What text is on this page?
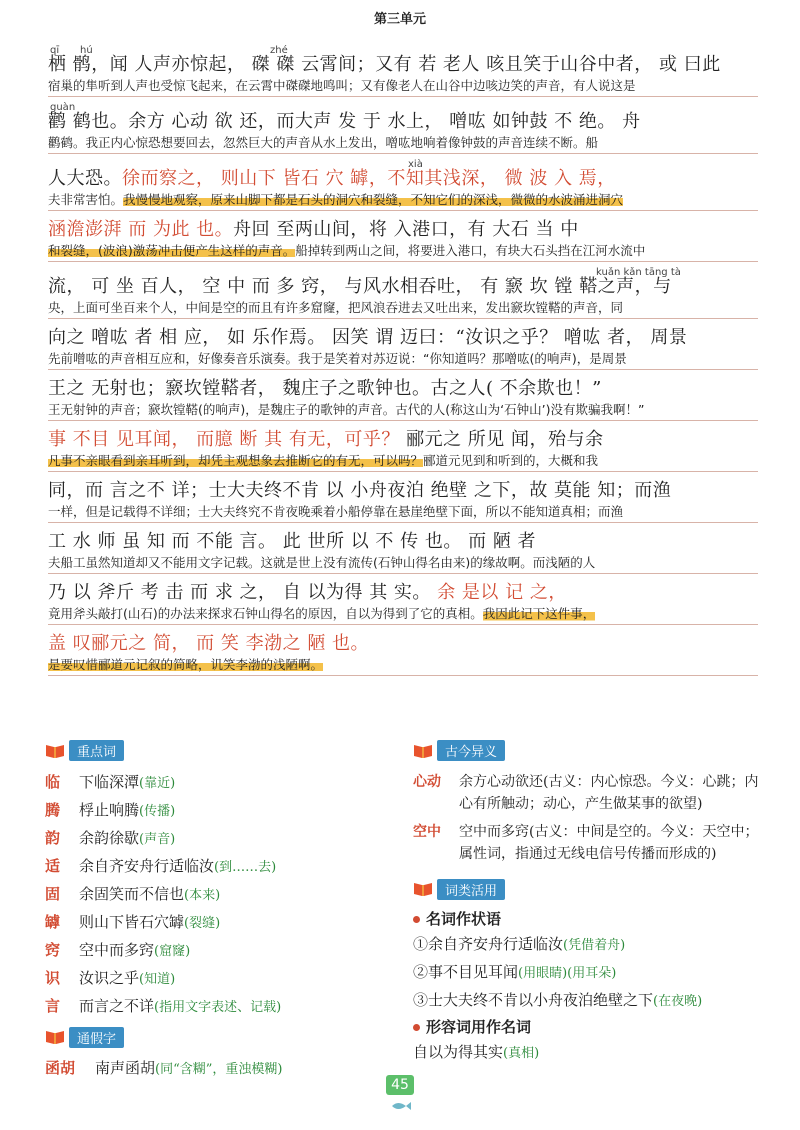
第三单元
qī hú	zhé
栖 鹘，闻 人声亦惊起， 磔 磔 云霄间；又有 若 老人 咳且笑于山谷中者， 或 曰此
宿巢的隼听到人声也受惊飞起来，在云霄中磔磔地鸣叫；又有像老人在山谷中边咳边笑的声音，有人说这是
guàn
鹳 鹤也。余方 心动 欲 还，而大声 发 于 水上， 噌吰 如钟鼓 不 绝。 舟
鹳鹤。我正内心惊恐想要回去，忽然巨大的声音从水上发出，噌吰地响着像钟鼓的声音连续不断。船
xià
人大恐。徐而察之， 则山下 皆石 穴 罅，不知其浅深， 微 波 入 焉，
夫非常害怕。我慢慢地观察，原来山脚下都是石头的洞穴和裂缝，不知它们的深浅，微微的水波涌进洞穴
涵澹澎湃 而 为此 也。舟回 至两山间，将 入港口，有 大石 当 中
和裂缝，(波浪)激荡冲击便产生这样的声音。船掉转到两山之间，将要进入港口，有块大石头挡在江河水流中
kuǎn kǎn tāng tà
流， 可 坐 百人， 空 中 而 多 窍， 与风水相吞吐， 有 窾 坎 镗 鞳之声，与
央，上面可坐百来个人，中间是空的而且有许多窟窿，把风浪吞进去又吐出来，发出窾坎镗鞳的声音，同
向之 噌吰 者 相 应， 如 乐作焉。 因笑 谓 迈曰：“汝识之乎？ 噌吰 者， 周景
先前噌吰的声音相互应和，好像奏音乐演奏。我于是笑着对苏迈说：“你知道吗？那噌吰(的响声)，是周景
王之 无射也；窾坎镗鞳者， 魏庄子之歌钟也。古之人( 不余欺也！”
王无射钟的声音；窾坎镗鞳(的响声)，是魏庄子的歌钟的声音。古代的人(称这山为‘石钟山’)没有欺骗我啊！”
事 不目 见耳闻， 而臆 断 其 有无，可乎？ 郦元之 所见 闻，殆与余
凡事不亲眼看到亲耳听到，却凭主观想象去推断它的有无，可以吗？郦道元见到和听到的，大概和我
同，而 言之不 详；士大夫终不肯 以 小舟夜泊 绝壁 之下，故 莫能 知；而渔
一样，但是记载得不详细；士大夫终究不肯夜晚乘着小船停靠在悬崖绝壁下面，所以不能知道真相；而渔
工 水 师 虽 知 而 不能 言。 此 世所 以 不 传 也。 而 陋 者
夫船工虽然知道却又不能用文字记载。这就是世上没有流传(石钟山得名由来)的缘故啊。而浅陋的人
乃 以 斧斤 考 击 而 求 之， 自 以为得 其 实。 余 是以 记 之，
竟用斧头敲打(山石)的办法来探求石钟山得名的原因，自以为得到了它的真相。我因此记下这件事，
盖 叹郦元之 简， 而 笑 李渤之 陋 也。
是要叹惜郦道元记叙的简略，讥笑李渤的浅陋啊。
重点词
临	下临深潭(靠近)
腾	桴止响腾(传播)
韵	余韵徐歇(声音)
适	余自齐安舟行适临汝(到……去)
固	余固笑而不信也(本来)
罅	则山下皆石穴罅(裂缝)
窍	空中而多窍(窟窿)
识	汝识之乎(知道)
言	而言之不详(指用文字表述、记载)
通假字
函胡	南声函胡(同“含糊”，重浊模糊)
古今异义
心动	余方心动欲还(古义：内心惊恐。今义：心跳；内心有所触动；动心，产生做某事的欲望)
空中	空中而多窍(古义：中间是空的。今义：天空中；属性词，指通过无线电信号传播而形成的)
词类活用
名词作状语
①余自齐安舟行适临汝(凭借着舟)
②事不目见耳闻(用眼睛)(用耳朵)
③士大夫终不肯以小舟夜泊绝壁之下(在夜晚)
形容词用作名词
自以为得其实(真相)
45
